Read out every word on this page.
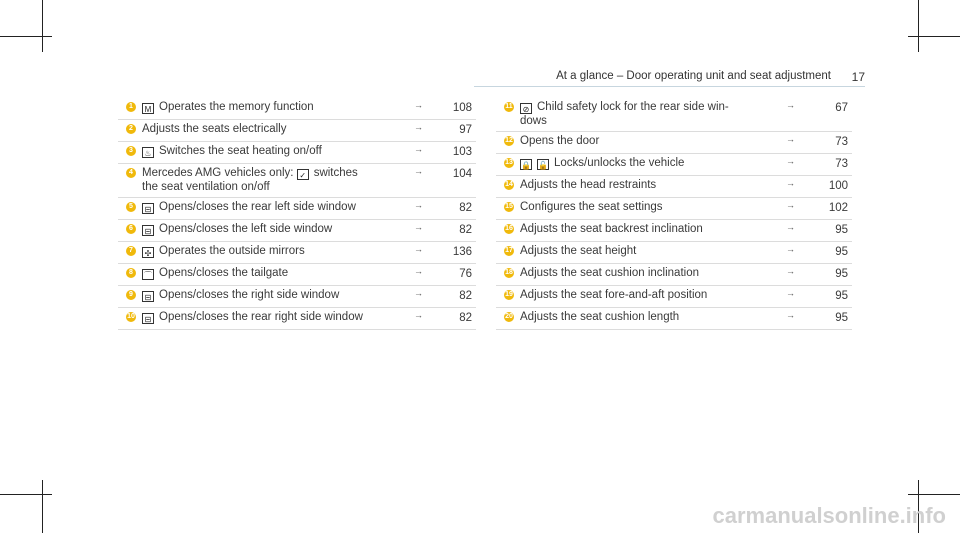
At a glance – Door operating unit and seat adjustment 17
1	M Operates the memory function	→	108
2 Adjusts the seats electrically	→	97
3	♨ Switches the seat heating on/off	→	103
4 Mercedes AMG vehicles only: ✓ switches
the seat ventilation on/off
→	104
5	⊟ Opens/closes the rear left side window	→	82
6	⊟ Opens/closes the left side window	→	82
7	✣ Operates the outside mirrors	→	136
8	⌒ Opens/closes the tailgate	→	76
9	⊟ Opens/closes the right side window	→	82
10	⊟ Opens/closes the rear right side window	→	82
11	⊘ Child safety lock for the rear side win-
dows
→	67
12 Opens the door	→	73
13 🔒 🔓 Locks/unlocks the vehicle	→	73
14 Adjusts the head restraints	→	100
15 Configures the seat settings	→	102
16 Adjusts the seat backrest inclination	→	95
17 Adjusts the seat height	→	95
18 Adjusts the seat cushion inclination	→	95
19 Adjusts the seat fore-and-aft position	→	95
20 Adjusts the seat cushion length	→	95
carmanualsonline.info
